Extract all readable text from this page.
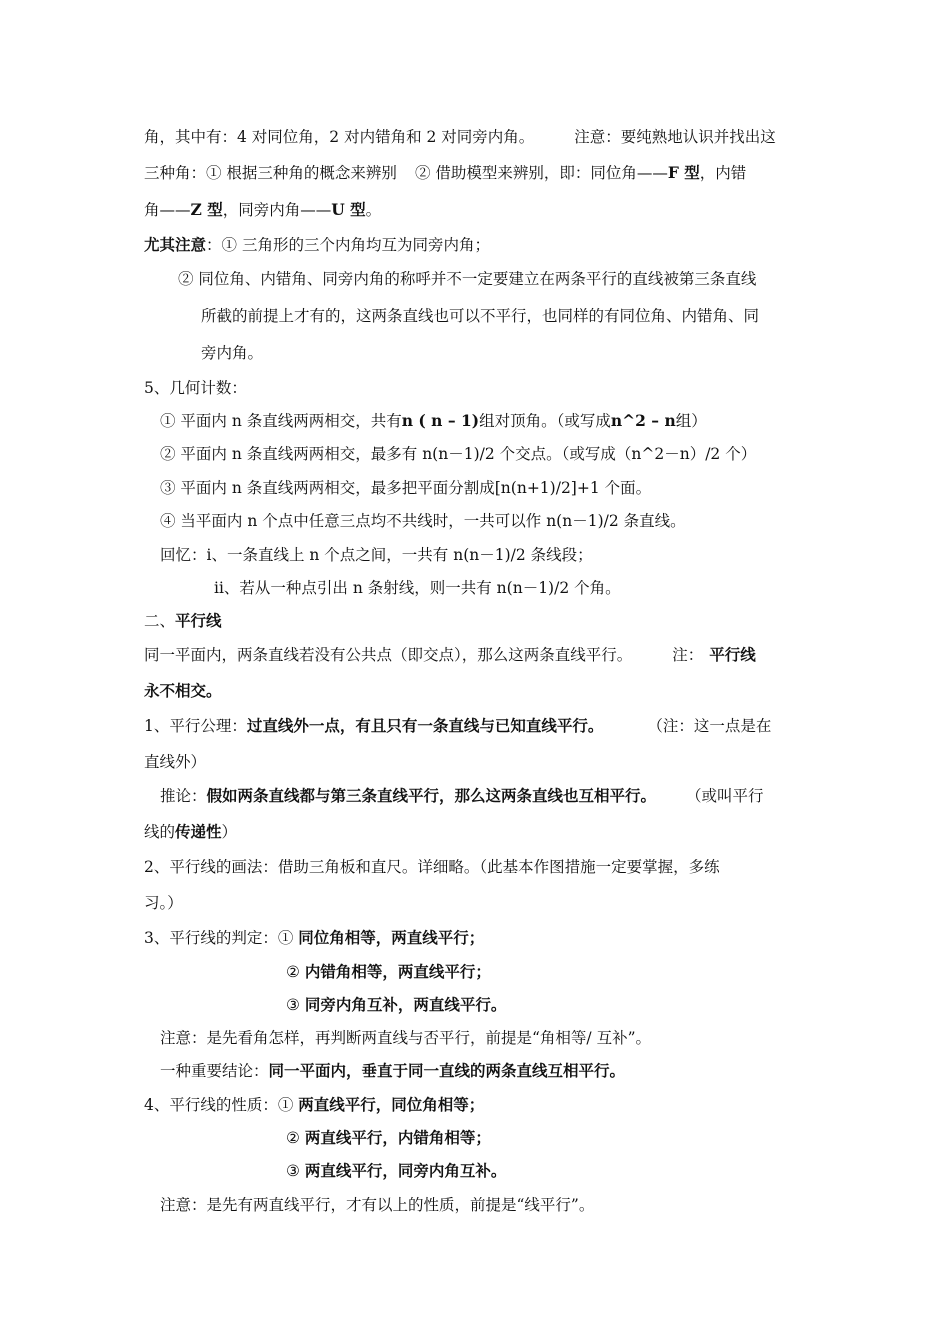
角，其中有：4 对同位角，2 对内错角和 2 对同旁内角。	注意：要纯熟地认识并找出这
三种角：① 根据三种角的概念来辨别 ② 借助模型来辨别，即：同位角——F 型，内错
角——Z 型，同旁内角——U 型。
尤其注意：① 三角形的三个内角均互为同旁内角；
② 同位角、内错角、同旁内角的称呼并不一定要建立在两条平行的直线被第三条直线
所截的前提上才有的，这两条直线也可以不平行，也同样的有同位角、内错角、同
旁内角。
5、几何计数：
① 平面内 n 条直线两两相交，共有n ( n – 1)组对顶角。（或写成n^2 – n组）
② 平面内 n 条直线两两相交，最多有 n(n－1)/2 个交点。（或写成（n^2－n）/2 个）
③ 平面内 n 条直线两两相交，最多把平面分割成[n(n+1)/2]+1 个面。
④ 当平面内 n 个点中任意三点均不共线时，一共可以作 n(n－1)/2 条直线。
回忆：ⅰ、一条直线上 n 个点之间，一共有 n(n－1)/2 条线段；
ⅱ、若从一种点引出 n 条射线，则一共有 n(n－1)/2 个角。
二、平行线
同一平面内，两条直线若没有公共点（即交点），那么这两条直线平行。	注： 平行线
永不相交。
1、平行公理：过直线外一点，有且只有一条直线与已知直线平行。	（注：这一点是在
直线外）
推论：假如两条直线都与第三条直线平行，那么这两条直线也互相平行。 （或叫平行
线的传递性）
2、平行线的画法：借助三角板和直尺。详细略。（此基本作图措施一定要掌握，多练
习。）
3、平行线的判定：① 同位角相等，两直线平行；
② 内错角相等，两直线平行；
③ 同旁内角互补，两直线平行。
注意：是先看角怎样，再判断两直线与否平行，前提是“角相等/ 互补”。
一种重要结论：同一平面内，垂直于同一直线的两条直线互相平行。
4、平行线的性质：① 两直线平行，同位角相等；
② 两直线平行，内错角相等；
③ 两直线平行，同旁内角互补。
注意：是先有两直线平行，才有以上的性质，前提是“线平行”。
